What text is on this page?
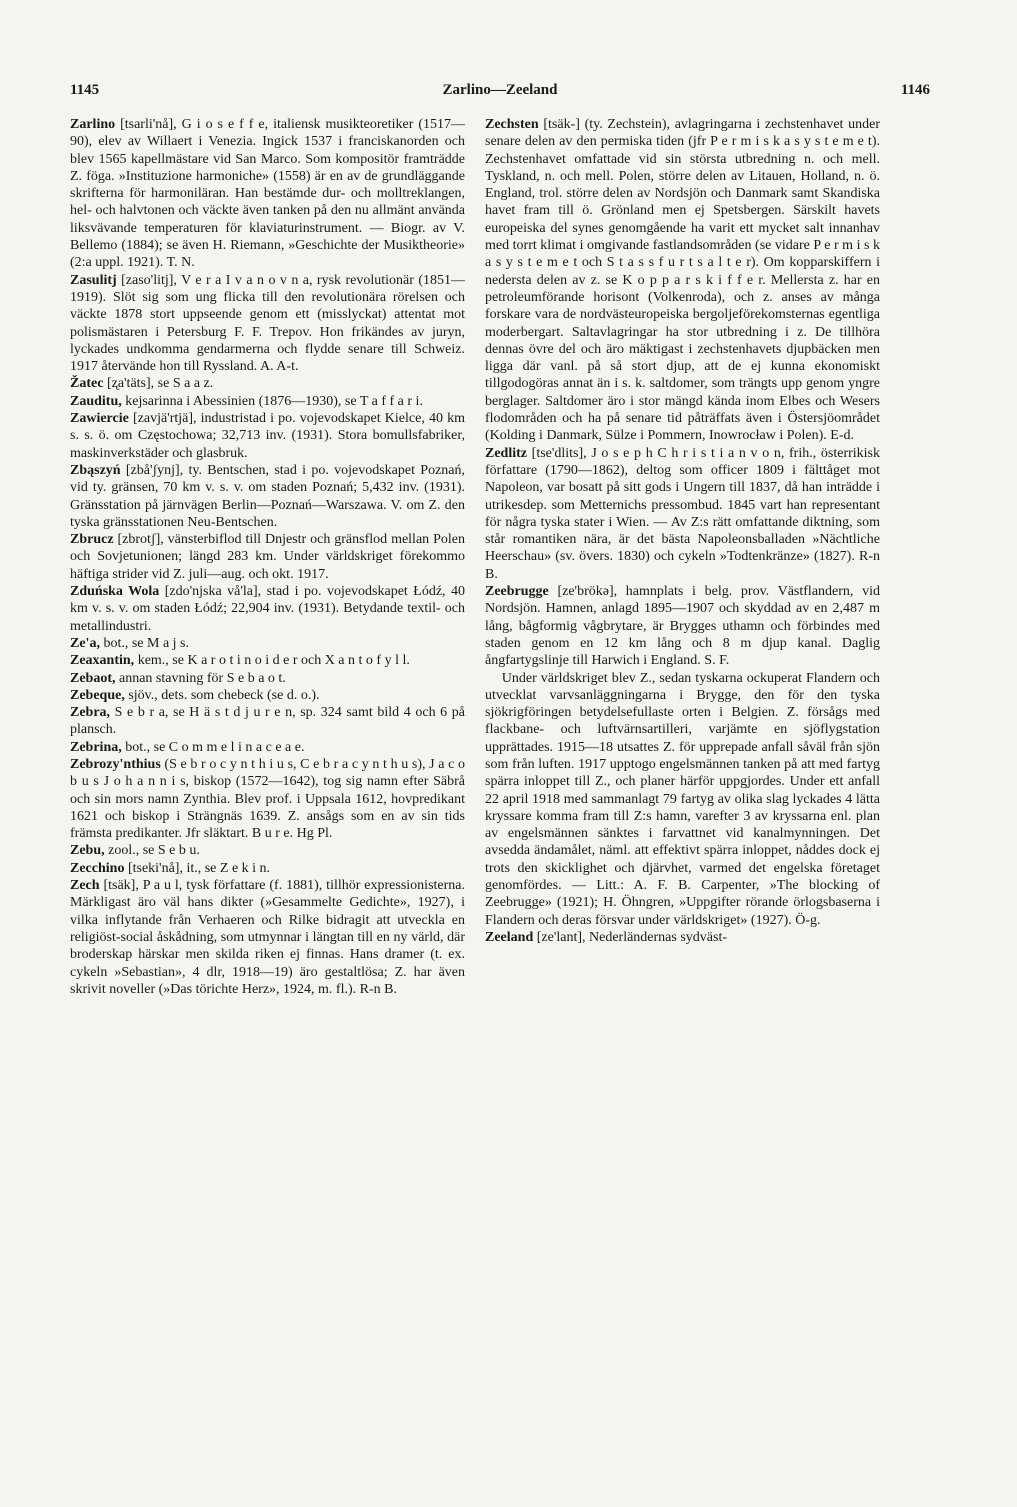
1145	Zarlino—Zeeland	1146

Zarlino [tsarli'nå], G i o s e f f e, italiensk musikteoretiker (1517—90), elev av Willaert i Venezia. Ingick 1537 i franciskanorden och blev 1565 kapellmästare vid San Marco. Som kompositör framträdde Z. föga. »Instituzione harmoniche» (1558) är en av de grundläggande skrifterna för harmoniläran. Han bestämde dur- och molltreklangen, hel- och halvtonen och väckte även tanken på den nu allmänt använda liksvävande temperaturen för klaviaturinstrument. — Biogr. av V. Bellemo (1884); se även H. Riemann, »Geschichte der Musiktheorie» (2:a uppl. 1921). T. N.

Zasulitj [zaso'litj], V e r a I v a n o v n a, rysk revolutionär (1851—1919). Slöt sig som ung flicka till den revolutionära rörelsen och väckte 1878 stort uppseende genom ett (misslyckat) attentat mot polismästaren i Petersburg F. F. Trepov. Hon frikändes av juryn, lyckades undkomma gendarmerna och flydde senare till Schweiz. 1917 återvände hon till Ryssland. A. A-t.

Žatec [ʐa'täts], se S a a z.

Zauditu, kejsarinna i Abessinien (1876—1930), se T a f f a r i.

Zawiercie [zavjä'rtjä], industristad i po. vojevodskapet Kielce, 40 km s. s. ö. om Częstochowa; 32,713 inv. (1931). Stora bomullsfabriker, maskinverkstäder och glasbruk.

Zbąszyń [zbå'ʃynj], ty. Bentschen, stad i po. vojevodskapet Poznań, vid ty. gränsen, 70 km v. s. v. om staden Poznań; 5,432 inv. (1931). Gränsstation på järnvägen Berlin—Poznań—Warszawa. V. om Z. den tyska gränsstationen Neu-Bentschen.

Zbrucz [zbrotʃ], vänsterbiflod till Dnjestr och gränsflod mellan Polen och Sovjetunionen; längd 283 km. Under världskriget förekommo häftiga strider vid Z. juli—aug. och okt. 1917.

Zduńska Wola [zdo'njska vå'la], stad i po. vojevodskapet Łódź, 40 km v. s. v. om staden Łódź; 22,904 inv. (1931). Betydande textil- och metallindustri.

Ze'a, bot., se M a j s.

Zeaxantin, kem., se K a r o t i n o i d e r och X a n t o f y l l.

Zebaot, annan stavning för S e b a o t.

Zebeque, sjöv., dets. som chebeck (se d. o.).

Zebra, S e b r a, se H ä s t d j u r e n, sp. 324 samt bild 4 och 6 på plansch.

Zebrina, bot., se C o m m e l i n a c e a e.

Zebrozy'nthius (S e b r o c y n t h i u s, C e b r a c y n t h u s), J a c o b u s J o h a n n i s, biskop (1572—1642), tog sig namn efter Säbrå och sin mors namn Zynthia. Blev prof. i Uppsala 1612, hovpredikant 1621 och biskop i Strängnäs 1639. Z. ansågs som en av sin tids främsta predikanter. Jfr släktart. B u r e. Hg Pl.

Zebu, zool., se S e b u.

Zecchino [tseki'nå], it., se Z e k i n.

Zech [tsäk], P a u l, tysk författare (f. 1881), tillhör expressionisterna. Märkligast äro väl hans dikter (»Gesammelte Gedichte», 1927), i vilka inflytande från Verhaeren och Rilke bidragit att utveckla en religiöst-social åskådning, som utmynnar i längtan till en ny värld, där broderskap härskar men skilda riken ej finnas. Hans dramer (t. ex. cykeln »Sebastian», 4 dlr, 1918—19) äro gestaltlösa; Z. har även skrivit noveller (»Das törichte Herz», 1924, m. fl.). R-n B.

Zechsten [tsäk-] (ty. Zechstein), avlagringarna i zechstenhavet under senare delen av den permiska tiden (jfr P e r m i s k a s y s t e m e t). Zechstenhavet omfattade vid sin största utbredning n. och mell. Tyskland, n. och mell. Polen, större delen av Litauen, Holland, n. ö. England, trol. större delen av Nordsjön och Danmark samt Skandiska havet fram till ö. Grönland men ej Spetsbergen. Särskilt havets europeiska del synes genomgående ha varit ett mycket salt innanhav med torrt klimat i omgivande fastlandsområden (se vidare P e r m i s k a s y s t e m e t och S t a s s f u r t s a l t e r). Om kopparskiffern i nedersta delen av z. se K o p p a r s k i f f e r. Mellersta z. har en petroleumförande horisont (Volkenroda), och z. anses av många forskare vara de nordvästeuropeiska bergoljeförekomsternas egentliga moderbergart. Saltavlagringar ha stor utbredning i z. De tillhöra dennas övre del och äro mäktigast i zechstenhavets djupbäcken men ligga där vanl. på så stort djup, att de ej kunna ekonomiskt tillgodogöras annat än i s. k. saltdomer, som trängts upp genom yngre berglager. Saltdomer äro i stor mängd kända inom Elbes och Wesers flodområden och ha på senare tid påträffats även i Östersjöområdet (Kolding i Danmark, Sülze i Pommern, Inowrocław i Polen). E-d.

Zedlitz [tse'dlits], J o s e p h C h r i s t i a n v o n, frih., österrikisk författare (1790—1862), deltog som officer 1809 i fälttåget mot Napoleon, var bosatt på sitt gods i Ungern till 1837, då han inträdde i utrikesdep. som Metternichs pressombud. 1845 vart han representant för några tyska stater i Wien. — Av Z:s rätt omfattande diktning, som står romantiken nära, är det bästa Napoleonsballaden »Nächtliche Heerschau» (sv. övers. 1830) och cykeln »Todtenkränze» (1827). R-n B.

Zeebrugge [ze'brökə], hamnplats i belg. prov. Västflandern, vid Nordsjön. Hamnen, anlagd 1895—1907 och skyddad av en 2,487 m lång, bågformig vågbrytare, är Brygges uthamn och förbindes med staden genom en 12 km lång och 8 m djup kanal. Daglig ångfartygslinje till Harwich i England. S. F.

Under världskriget blev Z., sedan tyskarna ockuperat Flandern och utvecklat varvsanläggningarna i Brygge, den för den tyska sjökrigföringen betydelsefullaste orten i Belgien. Z. försågs med flackbane- och luftvärnsartilleri, varjämte en sjöflygstation upprättades. 1915—18 utsattes Z. för upprepade anfall såväl från sjön som från luften. 1917 upptogo engelsmännen tanken på att med fartyg spärra inloppet till Z., och planer härför uppgjordes. Under ett anfall 22 april 1918 med sammanlagt 79 fartyg av olika slag lyckades 4 lätta kryssare komma fram till Z:s hamn, varefter 3 av kryssarna enl. plan av engelsmännen sänktes i farvattnet vid kanalmynningen. Det avsedda ändamålet, näml. att effektivt spärra inloppet, nåddes dock ej trots den skicklighet och djärvhet, varmed det engelska företaget genomfördes. — Litt.: A. F. B. Carpenter, »The blocking of Zeebrugge» (1921); H. Öhngren, »Uppgifter rörande örlogsbaserna i Flandern och deras försvar under världskriget» (1927). Ö-g.

Zeeland [ze'lant], Nederländernas sydväst-
